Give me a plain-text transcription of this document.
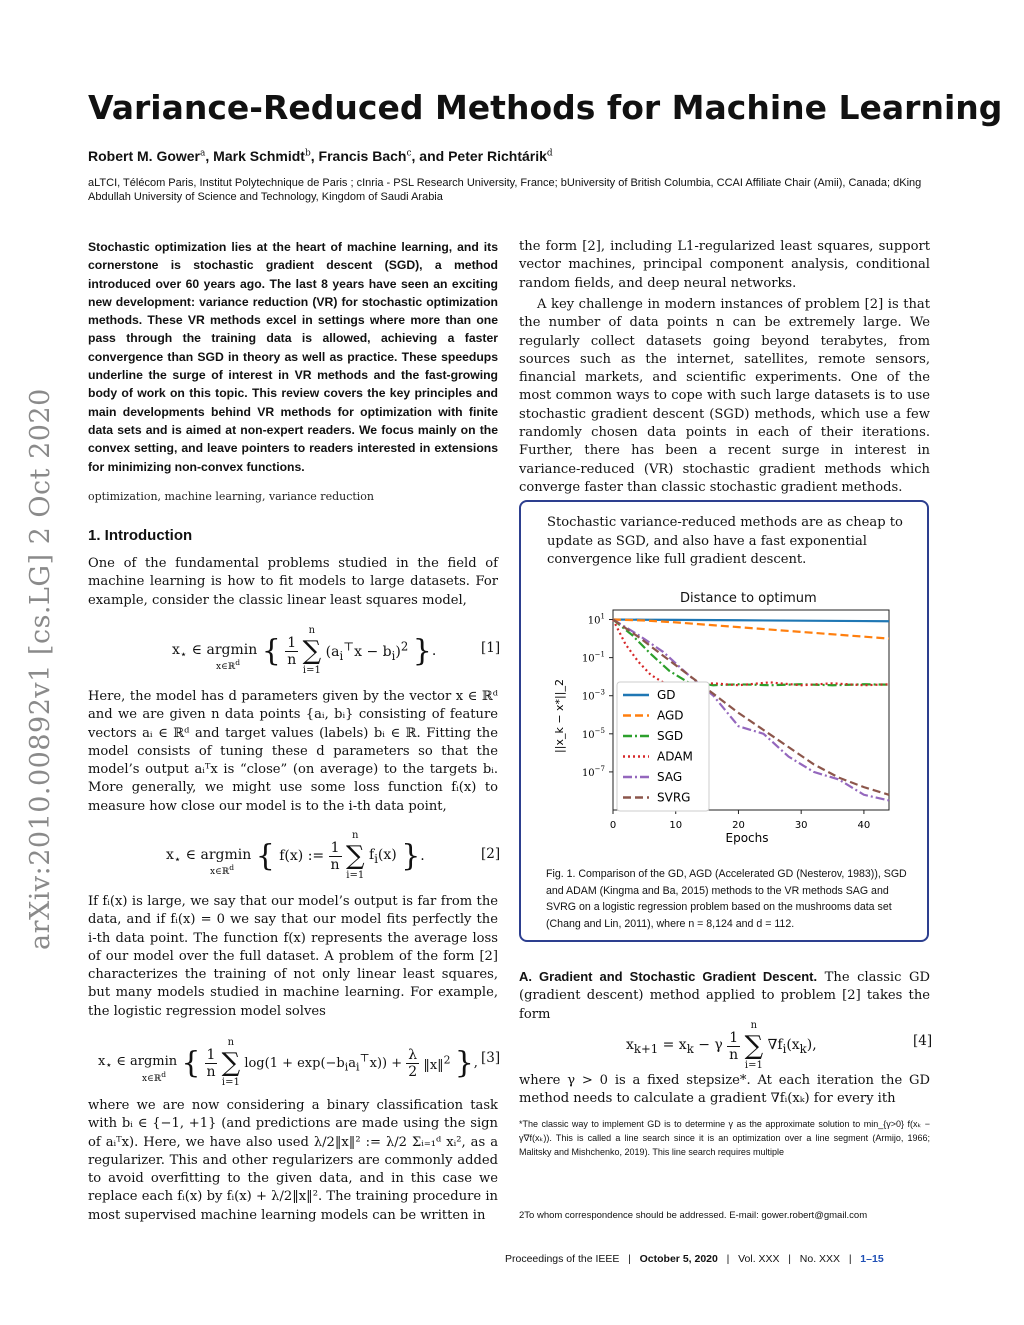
arXiv:2010.00892v1 [cs.LG] 2 Oct 2020
Variance-Reduced Methods for Machine Learning
Robert M. Gower$^a$, Mark Schmidt$^b$, Francis Bach$^c$, and Peter Richtárik$^d$
aLTCI, Télécom Paris, Institut Polytechnique de Paris ; cInria - PSL Research University, France; bUniversity of British Columbia, CCAI Affiliate Chair (Amii), Canada; dKing Abdullah University of Science and Technology, Kingdom of Saudi Arabia
Stochastic optimization lies at the heart of machine learning, and its cornerstone is stochastic gradient descent (SGD), a method introduced over 60 years ago. The last 8 years have seen an exciting new development: variance reduction (VR) for stochastic optimization methods. These VR methods excel in settings where more than one pass through the training data is allowed, achieving a faster convergence than SGD in theory as well as practice. These speedups underline the surge of interest in VR methods and the fast-growing body of work on this topic. This review covers the key principles and main developments behind VR methods for optimization with finite data sets and is aimed at non-expert readers. We focus mainly on the convex setting, and leave pointers to readers interested in extensions for minimizing non-convex functions.
optimization, machine learning, variance reduction
1. Introduction
One of the fundamental problems studied in the field of machine learning is how to fit models to large datasets. For example, consider the classic linear least squares model,
$x_⋆$ ∈ argmin { $\frac{1}{n}$

n
∑
i=1
$(a_i^⊤x - b_i)^2$ }.
x∈ℝ$^d$
[1]
Here, the model has d parameters given by the vector x ∈ ℝᵈ and we are given n data points {aᵢ, bᵢ} consisting of feature vectors aᵢ ∈ ℝᵈ and target values (labels) bᵢ ∈ ℝ. Fitting the model consists of tuning these d parameters so that the model’s output aᵢᵀx is “close” (on average) to the targets bᵢ. More generally, we might use some loss function fᵢ(x) to measure how close our model is to the i-th data point,
$x_⋆$ ∈ argmin { f(x) := $\frac{1}{n}$

n
∑
i=1
$f_i(x)$ }.
x∈ℝ$^d$
[2]
If fᵢ(x) is large, we say that our model’s output is far from the data, and if fᵢ(x) = 0 we say that our model fits perfectly the i-th data point. The function f(x) represents the average loss of our model over the full dataset. A problem of the form [2] characterizes the training of not only linear least squares, but many models studied in machine learning. For example, the logistic regression model solves
$x_⋆$ ∈ argmin { $\frac{1}{n}$

n
∑
i=1
$\log(1 + \exp(-b_ia_i^⊤x)) + \frac{\lambda}{2}$ ‖x‖$^2$ },
x∈ℝ$^d$
[3]
where we are now considering a binary classification task with bᵢ ∈ {−1, +1} (and predictions are made using the sign of aᵢᵀx). Here, we have also used λ/2‖x‖² := λ/2 Σᵢ₌₁ᵈ xᵢ², as a regularizer. This and other regularizers are commonly added to avoid overfitting to the given data, and in this case we replace each fᵢ(x) by fᵢ(x) + λ/2‖x‖². The training procedure in most supervised machine learning models can be written in
the form [2], including L1-regularized least squares, support vector machines, principal component analysis, conditional random fields, and deep neural networks.
A key challenge in modern instances of problem [2] is that the number of data points n can be extremely large. We regularly collect datasets going beyond terabytes, from sources such as the internet, satellites, remote sensors, financial markets, and scientific experiments. One of the most common ways to cope with such large datasets is to use stochastic gradient descent (SGD) methods, which use a few randomly chosen data points in each of their iterations. Further, there has been a recent surge in interest in variance-reduced (VR) stochastic gradient methods which converge faster than classic stochastic gradient methods.
Stochastic variance-reduced methods are as cheap to update as SGD, and also have a fast exponential convergence like full gradient descent.
Distance to optimum
||x_k − x*||_2
Epochs
0	10	20	30	40
$10^1$
$10^{-1}$
$10^{-3}$
$10^{-5}$
$10^{-7}$
GD
AGD
SGD
ADAM
SAG
SVRG
Fig. 1. Comparison of the GD, AGD (Accelerated GD (Nesterov, 1983)), SGD and ADAM (Kingma and Ba, 2015) methods to the VR methods SAG and SVRG on a logistic regression problem based on the mushrooms data set (Chang and Lin, 2011), where n = 8,124 and d = 112.
A. Gradient and Stochastic Gradient Descent. The classic GD (gradient descent) method applied to problem [2] takes the form
$x_{k+1} = x_k - \gamma \frac{1}{n}$

n
∑
i=1
$\nabla f_i(x_k)$,	[4]
where γ > 0 is a fixed stepsize*. At each iteration the GD method needs to calculate a gradient ∇fᵢ(xₖ) for every ith
*The classic way to implement GD is to determine γ as the approximate solution to min_{γ>0} f(xₖ − γ∇f(xₖ)). This is called a line search since it is an optimization over a line segment (Armijo, 1966; Malitsky and Mishchenko, 2019). This line search requires multiple
2To whom correspondence should be addressed. E-mail: gower.robert@gmail.com
Proceedings of the IEEE   |   October 5, 2020   |   Vol. XXX   |   No. XXX   |   1–15
